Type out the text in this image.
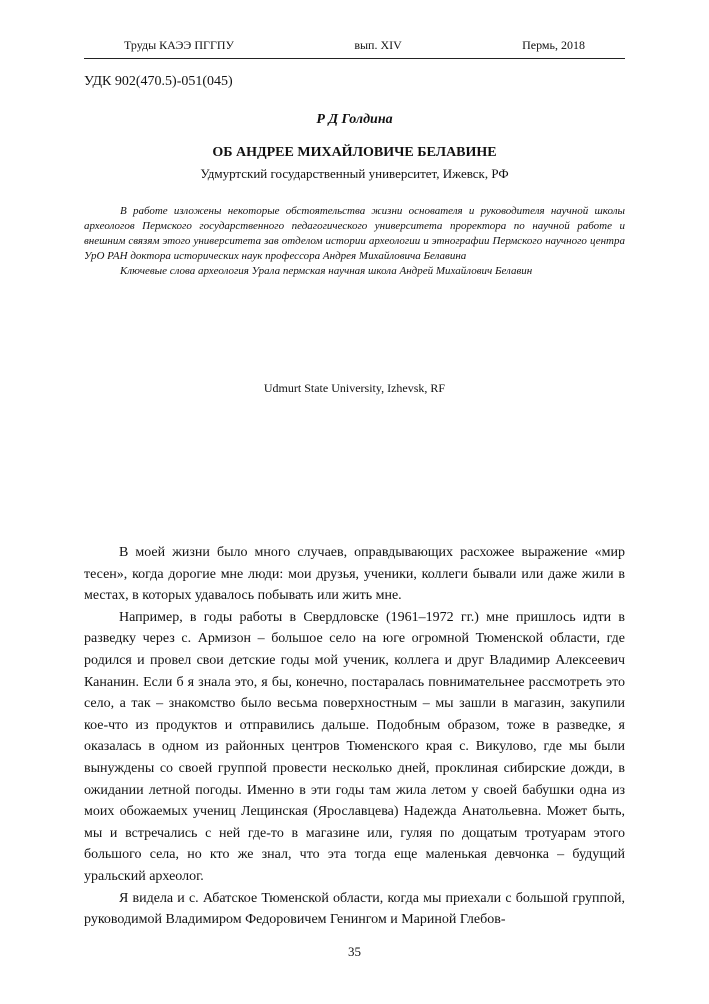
Труды КАЭЭ ПГГПУ	вып. XIV	Пермь, 2018
УДК 902(470.5)-051(045)
Р Д Голдина
ОБ АНДРЕЕ МИХАЙЛОВИЧЕ БЕЛАВИНЕ
Удмуртский государственный университет, Ижевск, РФ

В работе изложены некоторые обстоятельства жизни основателя и руководителя научной школы археологов Пермского государственного педагогического университета проректора по научной работе и внешним связям этого университета зав отделом истории археологии и этнографии Пермского научного центра УрО РАН доктора исторических наук профессора Андрея Михайловича Белавина

Ключевые слова археология Урала пермская научная школа Андрей Михайлович Белавин

Udmurt State University, Izhevsk, RF

В моей жизни было много случаев, оправдывающих расхожее выражение «мир тесен», когда дорогие мне люди: мои друзья, ученики, коллеги бывали или даже жили в местах, в которых удавалось побывать или жить мне.

Например, в годы работы в Свердловске (1961–1972 гг.) мне пришлось идти в разведку через с. Армизон – большое село на юге огромной Тюменской области, где родился и провел свои детские годы мой ученик, коллега и друг Владимир Алексеевич Кананин. Если б я знала это, я бы, конечно, постаралась повнимательнее рассмотреть это село, а так – знакомство было весьма поверхностным – мы зашли в магазин, закупили кое-что из продуктов и отправились дальше. Подобным образом, тоже в разведке, я оказалась в одном из районных центров Тюменского края с. Викулово, где мы были вынуждены со своей группой провести несколько дней, проклиная сибирские дожди, в ожидании летной погоды. Именно в эти годы там жила летом у своей бабушки одна из моих обожаемых учениц Лещинская (Ярославцева) Надежда Анатольевна. Может быть, мы и встречались с ней где-то в магазине или, гуляя по дощатым тротуарам этого большого села, но кто же знал, что эта тогда еще маленькая девчонка – будущий уральский археолог.

Я видела и с. Абатское Тюменской области, когда мы приехали с большой группой, руководимой Владимиром Федоровичем Генингом и Мариной Глебов-

35
